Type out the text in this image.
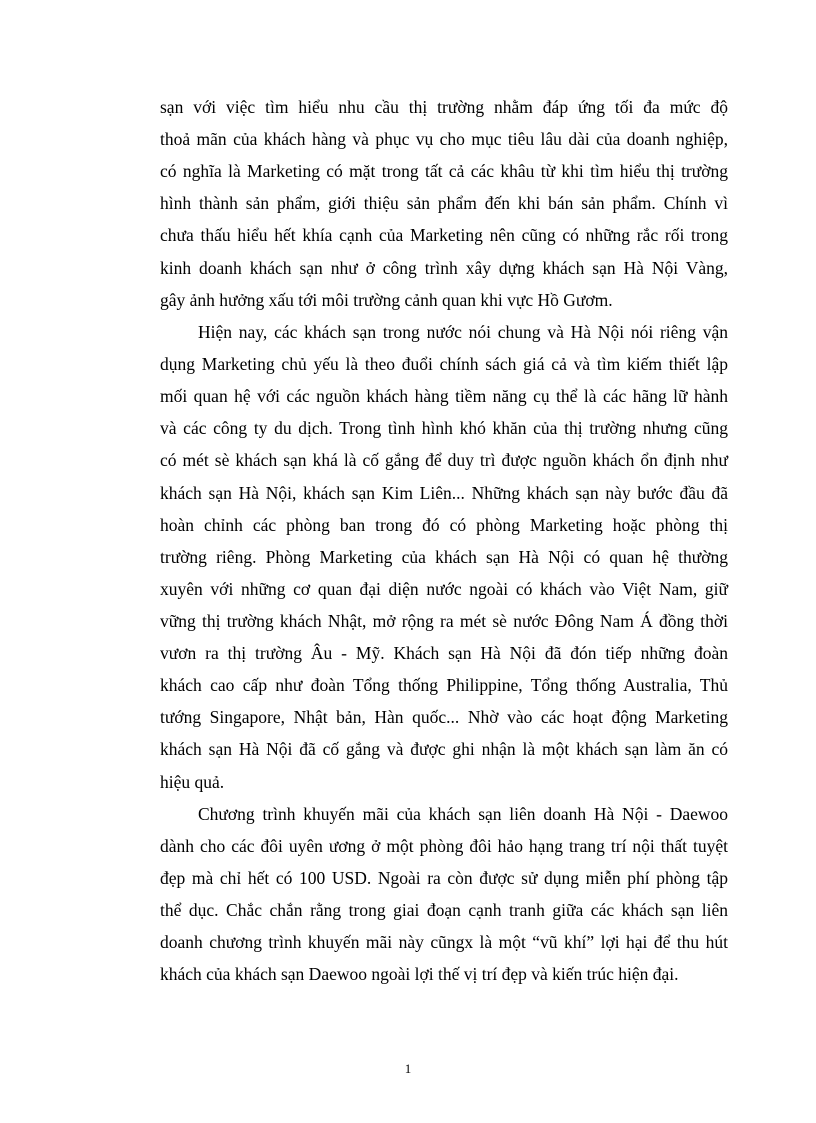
sạn với việc tìm hiểu nhu cầu thị trường nhằm đáp ứng tối đa mức độ
thoả mãn của khách hàng và phục vụ cho mục tiêu lâu dài của doanh nghiệp,
có nghĩa là Marketing có mặt trong tất cả các khâu từ khi tìm hiểu thị trường
hình thành sản phẩm, giới thiệu sản phẩm đến khi bán sản phẩm. Chính vì
chưa thấu hiểu hết khía cạnh của Marketing nên cũng có những rắc rối trong
kinh doanh khách sạn như ở công trình xây dựng khách sạn Hà Nội Vàng,
gây ảnh hưởng xấu tới môi trường cảnh quan khi vực Hồ Gươm.
Hiện nay, các khách sạn trong nước nói chung và Hà Nội nói riêng vận
dụng Marketing chủ yếu là theo đuổi chính sách giá cả và tìm kiếm thiết lập
mối quan hệ với các nguồn khách hàng tiềm năng cụ thể là các hãng lữ hành
và các công ty du dịch. Trong tình hình khó khăn của thị trường nhưng cũng
có mét sè khách sạn khá là cố gắng để duy trì được nguồn khách ổn định như
khách sạn Hà Nội, khách sạn Kim Liên... Những khách sạn này bước đầu đã
hoàn chỉnh các phòng ban trong đó có phòng Marketing hoặc phòng thị
trường riêng. Phòng Marketing của khách sạn Hà Nội có quan hệ thường
xuyên với những cơ quan đại diện nước ngoài có khách vào Việt Nam, giữ
vững thị trường khách Nhật, mở rộng ra mét sè nước Đông Nam Á đồng thời
vươn ra thị trường Âu - Mỹ. Khách sạn Hà Nội đã đón tiếp những đoàn
khách cao cấp như đoàn Tổng thống Philippine, Tổng thống Australia, Thủ
tướng Singapore, Nhật bản, Hàn quốc... Nhờ vào các hoạt động Marketing
khách sạn Hà Nội đã cố gắng và được ghi nhận là một khách sạn làm ăn có
hiệu quả.
Chương trình khuyến mãi của khách sạn liên doanh Hà Nội - Daewoo
dành cho các đôi uyên ương ở một phòng đôi hảo hạng trang trí nội thất tuyệt
đẹp mà chỉ hết có 100 USD. Ngoài ra còn được sử dụng miễn phí phòng tập
thể dục. Chắc chắn rằng trong giai đoạn cạnh tranh giữa các khách sạn liên
doanh chương trình khuyến mãi này cũngx là một “vũ khí” lợi hại để thu hút
khách của khách sạn Daewoo ngoài lợi thế vị trí đẹp và kiến trúc hiện đại.
1
